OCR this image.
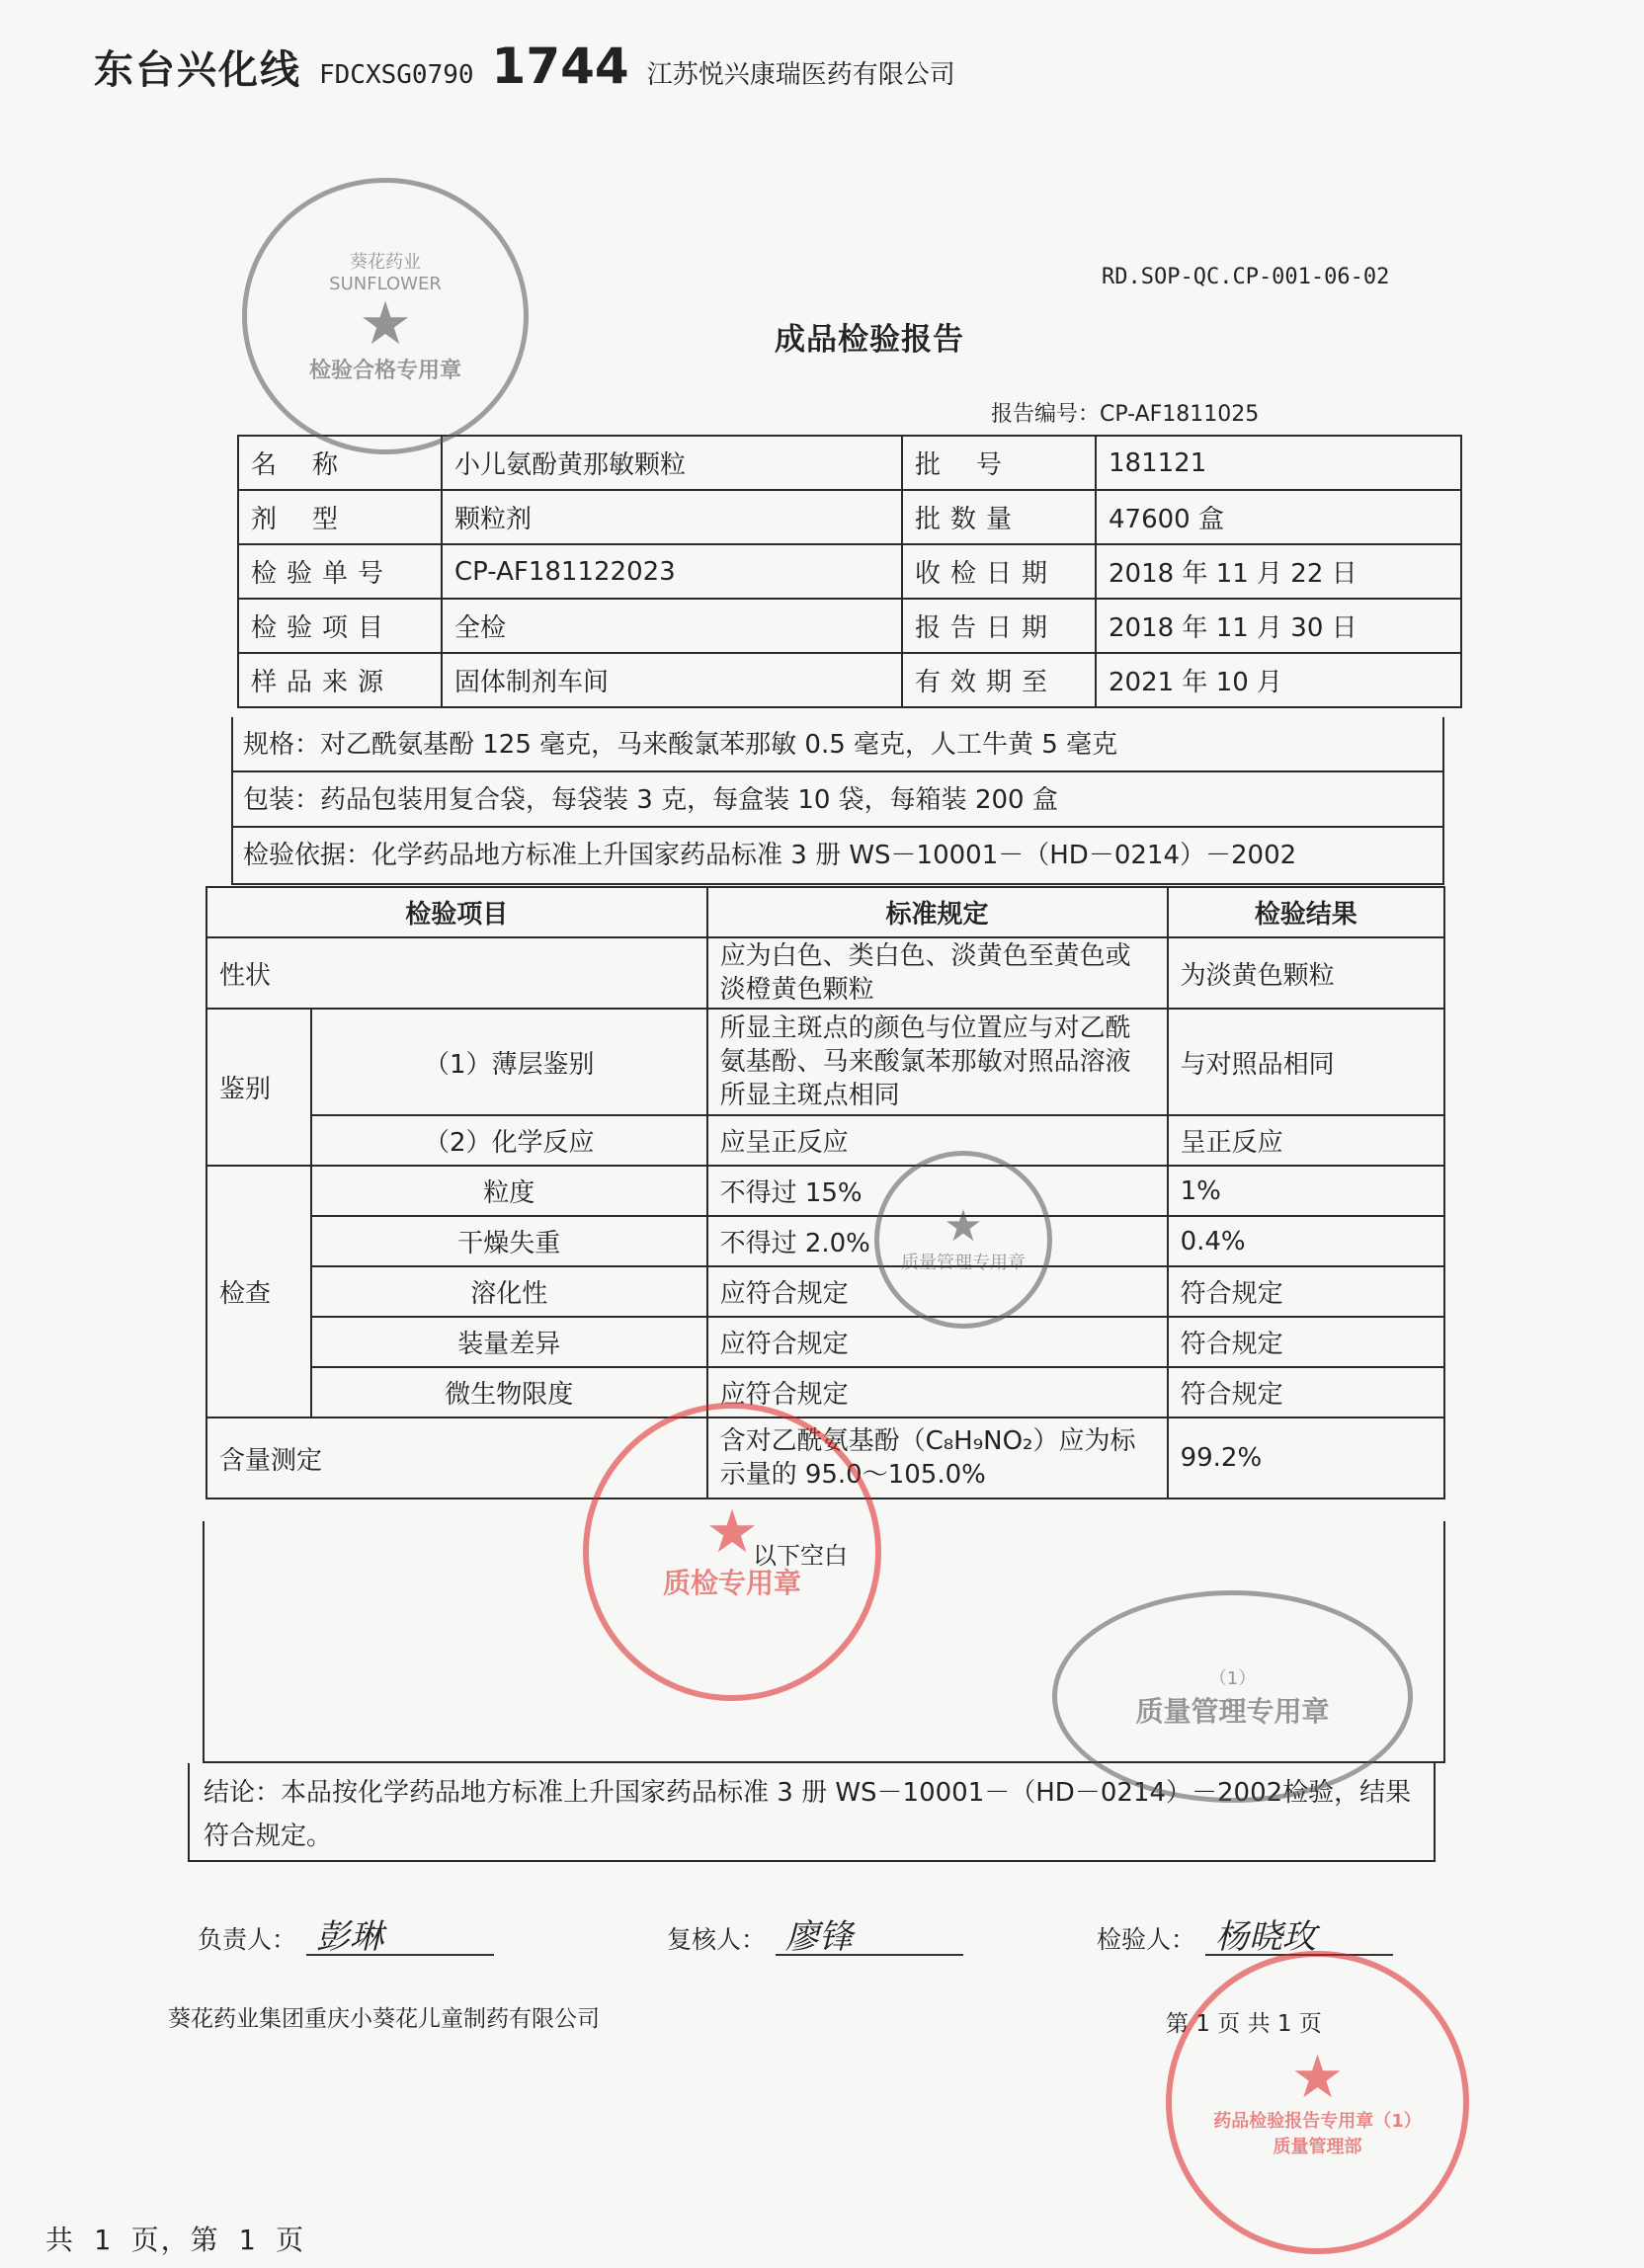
东台兴化线 FDCXSG0790 1744 江苏悦兴康瑞医药有限公司
RD.SOP-QC.CP-001-06-02
成品检验报告
报告编号：CP-AF1811025
名称	小儿氨酚黄那敏颗粒	批号	181121
剂型	颗粒剂	批数量	47600 盒
检验单号	CP-AF181122023	收检日期	2018 年 11 月 22 日
检验项目	全检	报告日期	2018 年 11 月 30 日
样品来源	固体制剂车间	有效期至	2021 年 10 月
规格：对乙酰氨基酚 125 毫克，马来酸氯苯那敏 0.5 毫克，人工牛黄 5 毫克
包装：药品包装用复合袋，每袋装 3 克，每盒装 10 袋，每箱装 200 盒
检验依据：化学药品地方标准上升国家药品标准 3 册 WS－10001－（HD－0214）－2002
检验项目		标准规定	检验结果
性状		应为白色、类白色、淡黄色至黄色或淡橙黄色颗粒	为淡黄色颗粒
鉴别	（1）薄层鉴别	所显主斑点的颜色与位置应与对乙酰氨基酚、马来酸氯苯那敏对照品溶液所显主斑点相同	与对照品相同
	（2）化学反应	应呈正反应	呈正反应
检查	粒度	不得过 15%	1%
	干燥失重	不得过 2.0%	0.4%
	溶化性	应符合规定	符合规定
	装量差异	应符合规定	符合规定
	微生物限度	应符合规定	符合规定
含量测定		含对乙酰氨基酚（C₈H₉NO₂）应为标示量的 95.0～105.0%	99.2%
以下空白
结论：本品按化学药品地方标准上升国家药品标准 3 册 WS－10001－（HD－0214）－2002检验，结果符合规定。
负责人： 彭琳	复核人： 廖锋	检验人： 杨晓玫
葵花药业集团重庆小葵花儿童制药有限公司	第 1 页 共 1 页
共 1 页，第 1 页
葵花药业
SUNFLOWER
★
检验合格专用章
★
质量管理专用章
★
质检专用章
（1）
质量管理专用章
★
药品检验报告专用章（1）
质量管理部
